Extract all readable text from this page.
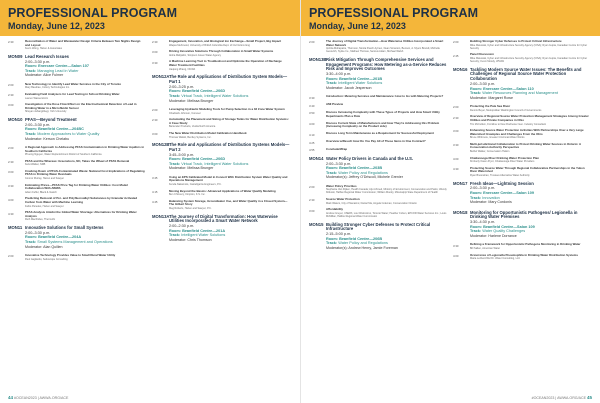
PROFESSIONAL PROGRAM
Monday, June 12, 2023
2:30	Reconciliation of Water and Wastewater Design Criteria Between Two Nights Design and Layout
Kevin Wong, Hazen & Associates
MON09 Lead Research Issues
2:00–3:30 p.m.
Room: Enercare Centre—Salon 107
Track: Managing Lead in Water
Moderator: Alice Fulmer
2:00	New Technology to Identify Lead Water Services in the City of Toronto
Mary Baudrau, Colony Technologies Inc.
2:30	Evaluating Field Analyzers for Lead Testing in School Drinking Water
Lauren Wasserstrom
3:00	Investigation of the Dose Flow Effect on the Electrochemical Detection of Lead in Drinking Water in a Microfluidic Sensor
Shayan Jahangirbegi, York University
MON10 PFAS—Beyond Treatment
2:00–3:30 p.m.
Room: Beanfield Centre—204BC
Track: Modern Approaches to Water Quality
Moderator: Kerson Chelabu
2:00	A Regional Approach to Addressing PFAS Contamination in Drinking Water Aquifers in Southern California
Phuong Nguyen, Water Replenishment District of Southern California
2:30	PFAS and the Whereas: Greensboro, NC, Takes the Wheel of PFAS Removal
Kelsi Walker, NRB
3:00	Cracking Down of PFAS-Contaminated Waste: National Cost Implications of Regulating PFAS in Drinking Water Residuals
Connor Murray, Hazen and Sawyer
3:30	Estimating Prices—PFAS Price Tag for Drinking Water Utilities: Cost Model Collaboration With AWWA
Adam Feffer, Black & Veatch
4:00	Predicting Removal of Per- and Polyfluoroalkyl Substances by Granular Activated Carbon from Water with Machine Learning
Fabio Paredes, Hazen and Sawyer
4:30	PFAS Analysis Amidst the Global Water Shortage: Alternatives for Drinking Water Analysis
Ruth MacFrides, Thermofix
MON11 Innovative Solutions for Small Systems
2:00–3:30 p.m.
Room: Beanfield Centre—204A
Track: Small Systems Management and Operations
Moderator: Alan Quillen
2:00	Innovative Technology Provides Value to Small Rural Water Utility
Paul Gagliardo, Seiloscope Consulting
2:30	Engagement, Innovation, and Biological Ion Exchange—Small Project, Big Impact
Waqas Mehmood, University of British Columbia Dept. of Civil & Env Eng
3:00	Driving Innovative Solutions Through Collaboration in Small Water Systems
Aisha Mahjabin, Simpson Green Water Agency
3:30	A Machine Learning Tool to Troubleshoot and Optimize the Operation of Recharge Water Treatment Facilities
Jiaqiong Zhang, OCWA
MON12A The Role and Applications of Distribution System Models—Part 1
2:00–3:25 p.m.
Room: Beanfield Centre—206D
Track: Virtual Track, Intelligent Water Solutions
Moderator: Melissa Brunger
2:00	Leveraging Hydraulic Modeling Tools for Pump Selection in a 32 Zone Water System
Chadwick Johnson, Conveer
2:30	Automating the Placement and Sizing of Storage Tanks for Water Distribution Systems: A Case Study
Bartender Products, Veolia North America
3:00	The New Water Distribution Model Calibration Handbook
Thomas Walski, Bentley Systems, Inc.
MON12B The Role and Applications of Distribution Systems Models—Part 2
3:45–5:00 p.m.
Room: Beanfield Centre—206D
Track: Virtual Track, Intelligent Water Solutions
Moderator: Melissa Brunger
3:45	Using an EPS Calibrated Model in Concert With Distribution System Water Quality and Operations Management
Kenda Nakamoto, Castellgarrie Engineers, P.C.
4:15	Moving Beyond the Basics: Advanced Applications of Water Quality Modeling
Ben Chinnery, Kimpton, K.S. Inc.
4:45	Balancing System Storage, Groundwater Use, and Water Quality in a Closed System—The Gilbert Story
Meg Roberts, Hazen and Sawyer, P.C.
MON13A The Journey of Digital Transformation: How Waterwise Utilities Incorporated a Smart Water Network
2:00–2:30 p.m.
Room: Beanfield Centre—201A
Track: Intelligent Water Solutions
Moderator: Chris Thomson
44 #OCEAN2023 | AWWA.ORG/ACE
PROFESSIONAL PROGRAM
Monday, June 12, 2023
2:00	The Journey of Digital Transformation—How Waterwise Utilities Incorporated a Smart Water Network
Ipshita Mohapatra, Thomson, Nicola Pauch Aymen, Dean Scranton, Benson, A. Myers Brandt, Michelle Genovich, Sylvie Iru., Mathew Thomas, Serious Adam, Michael Walsh
MON13B Risk Mitigation Through Comprehensive Services and Engagement Programs: How Metering as-a-Service Reduces Risk and Improves Outcomes
3:30–4:00 p.m.
Room: Beanfield Centre—201B
Track: Intelligent Water Solutions
Moderator: Jacob Jesperson
3:30	Introduction: Metering Services and Maintenance: How to Go with Metering Projects?
3:40	AMI Preview
3:50	Discuss Increasing Complexity with These Types of Projects and How Smart Utility Departments Plan a Role
4:00	Discuss Current State of Manufacturers and How They're Addressing this Problem (Increasing Complexity on the Product side)
4:10	Discuss Long Term Maintenance as a Requirement for Successful Deployment
4:25	Overview w/Result: How Do You Pay All of These Items in One Contract?
4:55	Conclude/Wrap
MON14 Water Policy Drivers in Canada and the U.S.
2:00–3:30 p.m.
Room: Beanfield Centre—203B
Track: Water Policy and Regulations
Moderator(s): Jeffrey O'Driscoll, Michele Grenier
2:00	Water Policy Priorities
Stephanie Van Dijken, Health Canada; Arjo Ahmed, Ministry of Environment, Conservation and Parks; Wendy Kilduski, Halifax Regional Water Commission; William Moody, Mississippi State Department of Health
2:30	Source Water Protection
Mark Waters, City of Nanaimo; Daniel Ma, Angela Coleman, Conservation Ontario
3:00	Affordability
Andrew Greyer, USEPA; Lou DiGironimo, Toronto Water; Heather Cohen, EPCOR Water Services Inc.; Louis McMillan, Halifax Regional Water Commission
MON15 Building Stronger Cyber Defenses to Protect Critical Infrastructure
2:15–5:00 p.m.
Room: Beanfield Centre—206B
Track: Water Policy and Regulations
Moderator(s): Andrew Henry, Jamie Foreman
2:00	Building Stronger Cyber Defenses to Protect Critical Infrastructure
Mike Matusiak, Cyber and Infrastructure Security Agency (CISA); Ryan Gupta, Canadian Centre for Cyber Security
2:45	Panel Discussion
Mike Matusiak, Cyber and Infrastructure Security Agency (CISA); Ryan Gupta, Canadian Centre for Cyber Security; Kevin Moody, WVWA
MON16 Tackling Modern Source Water Issues: The Benefits and Challenges of Regional Source Water Protection Collaboration
2:00–3:30 p.m.
Room: Enercare Centre—Salon 110
Track: Water Resources Planning and Management
Moderator: Margaret Rowe
2:00	Protecting the Pale Sea River
Dennis Beyer, Metropolitan Washington Council of Governments
2:30	Overview of Regional Source Water Protection Management Strategies Among Greater Utilities and Private Companies in Ohio
Tim McCullum, Frontline to New Rochester Gen. Industry Consultant
3:00	Enhancing Source Water Protection Activities With Partnerships Over a Very Large Watershed: Examples and Challenges From the Ohio
Bruce Whitmore, Greater Cincinnati Water Works
3:30	Multi-jurisdictional Collaboration to Protect Drinking Water Sources in Ontario: A Conservation Authority Perspective
Bethel Walker, Conservation Halton
4:00	Chattanooga River Drinking Water Protection Plan
Kimberly Owen-Pryor, Chattanooga River Water Providers
4:30	Protecting Source Water Through Regional Collaborative Partnerships in the Yukon River Watershed
Ryan Bresnahan, Trustees Alternative Water Authority
MON17 Fresh Ideas—Lightning Session
2:00–3:30 p.m.
Room: Enercare Centre—Salon 109
Track: Innovation
Moderator: Mary Cordonis
MON18 Monitoring for Opportunistic Pathogens/ Legionella in Drinking Water Premises
3:30–4:30 p.m.
Room: Beanfield Centre—Salon 109
Track: Water Quality Challenges
Moderator: Harlene Dorrance
3:30	Defining a Framework for Opportunistic Pathogens Monitoring in Drinking Water
Bill Sallen, American Water
4:00	Occurrence of Legionella Pneumophila in Drinking Water Distribution Systems
Maria LeClerc/Wel Dr. Water Consulting, LLC
#OCEAN2023 | AWWA.ORG/ACE 45
